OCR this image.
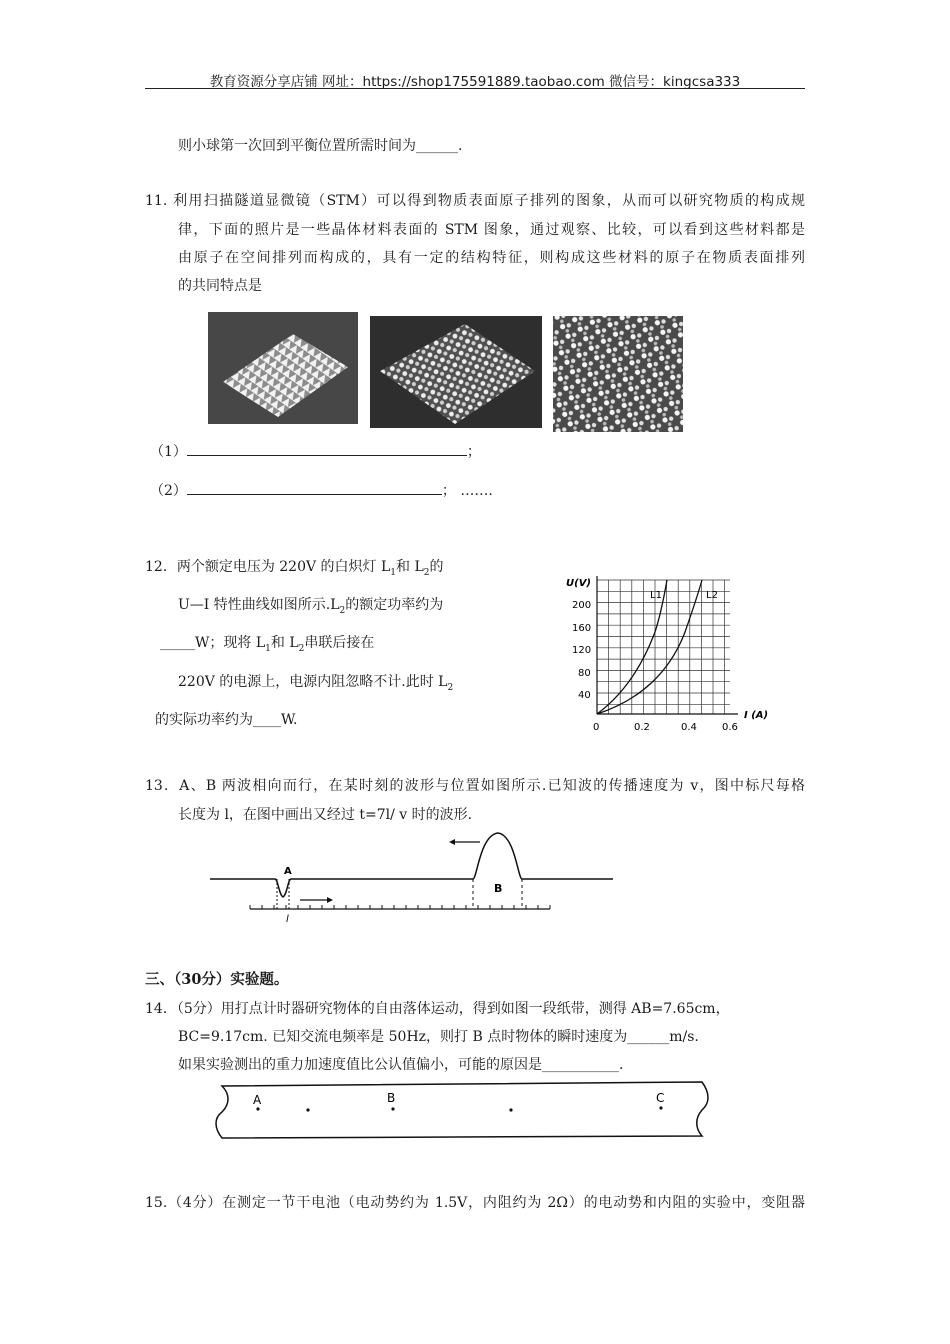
教育资源分享店铺 网址：https://shop175591889.taobao.com 微信号：kingcsa333
则小球第一次回到平衡位置所需时间为______.
11. 利用扫描隧道显微镜（STM）可以得到物质表面原子排列的图象，从而可以研究物质的构成规
律，下面的照片是一些晶体材料表面的 STM 图象，通过观察、比较，可以看到这些材料都是
由原子在空间排列而构成的，具有一定的结构特征，则构成这些材料的原子在物质表面排列
的共同特点是
（1）	；
（2）	； …….
12．两个额定电压为 220V 的白炽灯 $L_1$和 $L_2$的
U—I 特性曲线如图所示$.L_2$的额定功率约为
_____W；现将 $L_1$和 $L_2$串联后接在
220V 的电源上，电源内阻忽略不计.此时 $L_2$
的实际功率约为____W.
U(V)
I (A)
L1	L2
200
160
120
80
40
0	0.2	0.4	0.6
13．A、B 两波相向而行，在某时刻的波形与位置如图所示.已知波的传播速度为 v，图中标尺每格
长度为 l，在图中画出又经过 t=7l/ v 时的波形.
A
B
l
三、（30分）实验题。
14．（5分）用打点计时器研究物体的自由落体运动，得到如图一段纸带，测得 AB=7.65cm，
BC=9.17cm. 已知交流电频率是 50Hz，则打 B 点时物体的瞬时速度为______m/s.
如果实验测出的重力加速度值比公认值偏小，可能的原因是___________.
A	B	C
15.（4分）在测定一节干电池（电动势约为 1.5V，内阻约为 2Ω）的电动势和内阻的实验中，变阻器
